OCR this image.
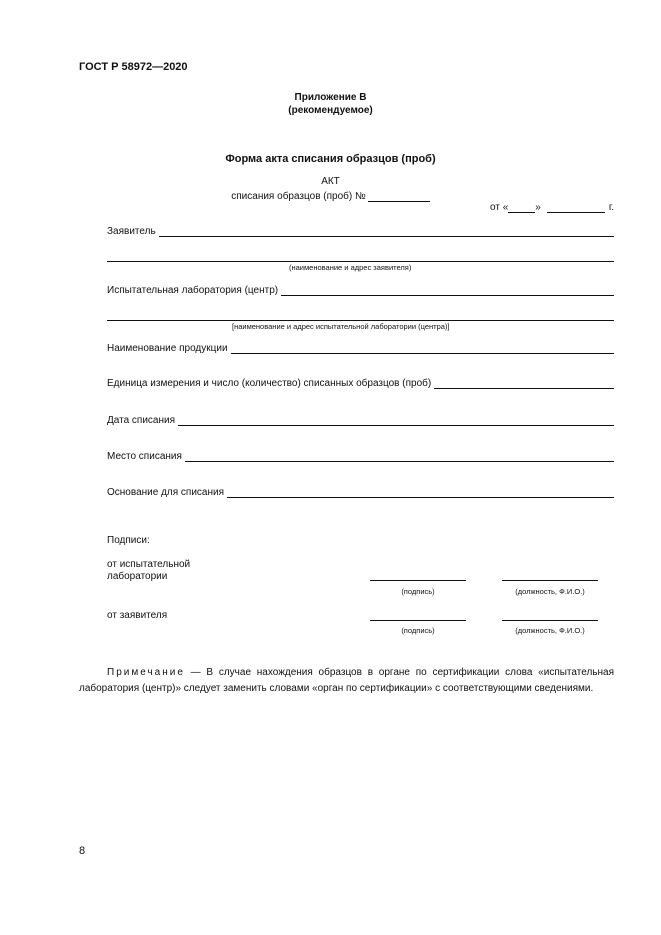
ГОСТ Р 58972—2020
Приложение В
(рекомендуемое)
Форма акта списания образцов (проб)
АКТ
списания образцов (проб) №
от «	»	г.
Заявитель
(наименование и адрес заявителя)
Испытательная лаборатория (центр)
[наименование и адрес испытательной лаборатории (центра)]
Наименование продукции
Единица измерения и число (количество) списанных образцов (проб)
Дата списания
Место списания
Основание для списания
Подписи:
от испытательной
лаборатории
(подпись)	(должность, Ф.И.О.)
от заявителя
(подпись)	(должность, Ф.И.О.)
Примечание — В случае нахождения образцов в органе по сертификации слова «испытательная лаборатория (центр)» следует заменить словами «орган по сертификации» с соответствующими сведениями.
8
